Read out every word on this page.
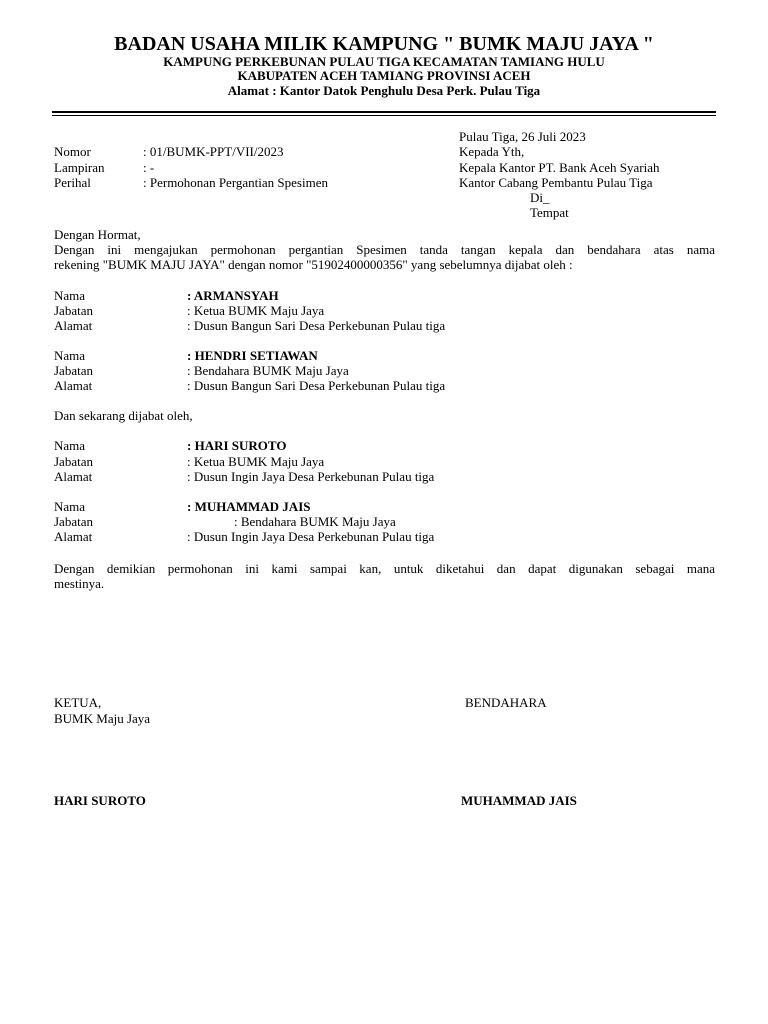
BADAN USAHA MILIK KAMPUNG " BUMK MAJU JAYA "
KAMPUNG PERKEBUNAN PULAU TIGA KECAMATAN TAMIANG HULU
KABUPATEN ACEH TAMIANG PROVINSI ACEH
Alamat : Kantor Datok Penghulu Desa Perk. Pulau Tiga
Pulau Tiga, 26 Juli 2023
Kepada Yth,
Kepala Kantor PT. Bank Aceh Syariah
Kantor Cabang Pembantu Pulau Tiga
Di_
Tempat
Nomor	: 01/BUMK-PPT/VII/2023
Lampiran	: -
Perihal	: Permohonan Pergantian Spesimen
Dengan Hormat,
Dengan ini mengajukan permohonan pergantian Spesimen tanda tangan kepala dan bendahara atas nama
rekening "BUMK MAJU JAYA" dengan nomor "51902400000356" yang sebelumnya dijabat oleh :
Nama	: ARMANSYAH
Jabatan	: Ketua BUMK Maju Jaya
Alamat	: Dusun Bangun Sari Desa Perkebunan Pulau tiga
Nama	: HENDRI SETIAWAN
Jabatan	: Bendahara BUMK Maju Jaya
Alamat	: Dusun Bangun Sari Desa Perkebunan Pulau tiga
Dan sekarang dijabat oleh,
Nama	: HARI SUROTO
Jabatan	: Ketua BUMK Maju Jaya
Alamat	: Dusun Ingin Jaya Desa Perkebunan Pulau tiga
Nama	: MUHAMMAD JAIS
Jabatan	: Bendahara BUMK Maju Jaya
Alamat	: Dusun Ingin Jaya Desa Perkebunan Pulau tiga
Dengan demikian permohonan ini kami sampai kan, untuk diketahui dan dapat digunakan sebagai mana
mestinya.
KETUA,
BUMK Maju Jaya
BENDAHARA
HARI SUROTO	MUHAMMAD JAIS
